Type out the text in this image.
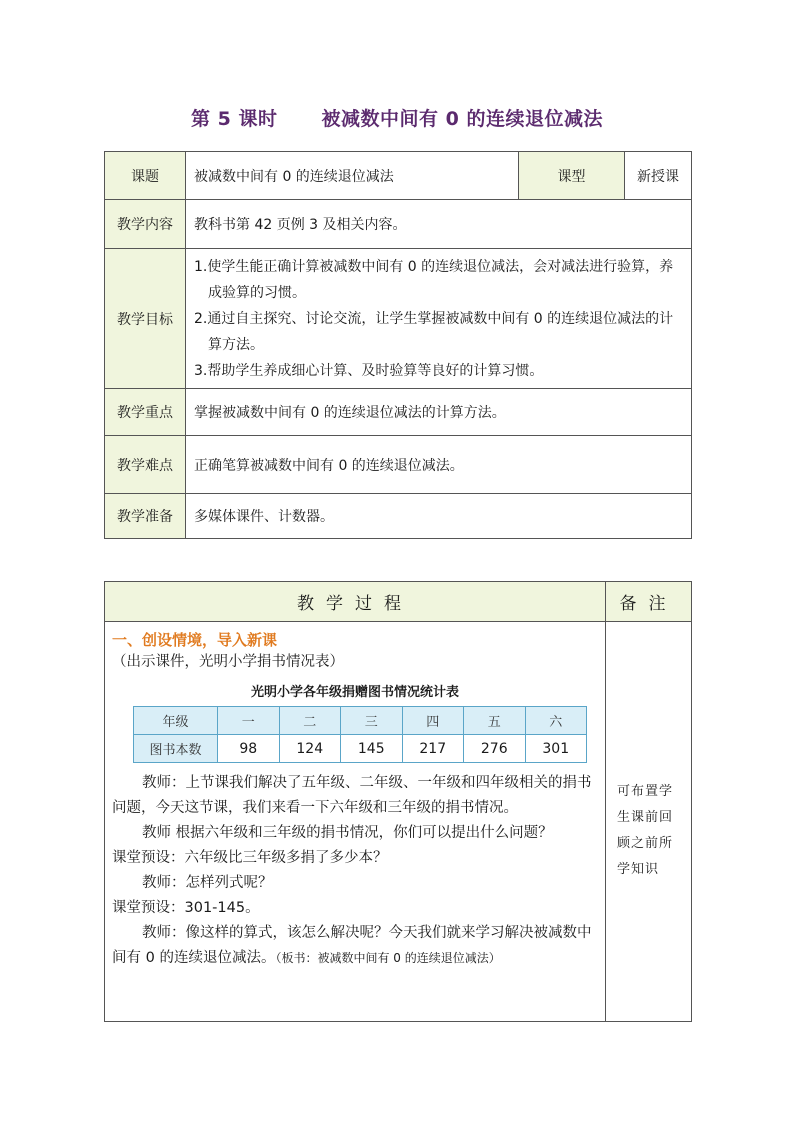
第 5 课时 被减数中间有 0 的连续退位减法
课题	被减数中间有 0 的连续退位减法	课型	新授课
教学内容	教科书第 42 页例 3 及相关内容。		
教学目标	1.使学生能正确计算被减数中间有 0 的连续退位减法，会对减法进行验算，养成验算的习惯。
2.通过自主探究、讨论交流，让学生掌握被减数中间有 0 的连续退位减法的计算方法。
3.帮助学生养成细心计算、及时验算等良好的计算习惯。		

教学重点	掌握被减数中间有 0 的连续退位减法的计算方法。		
教学难点	正确笔算被减数中间有 0 的连续退位减法。		
教学准备	多媒体课件、计数器。		
教学过程	备注

一、创设情境，导入新课
（出示课件，光明小学捐书情况表）
光明小学各年级捐赠图书情况统计表
年级	一	二	三	四	五	六
图书本数	98	124	145	217	276	301
教师：上节课我们解决了五年级、二年级、一年级和四年级相关的捐书问题，今天这节课，我们来看一下六年级和三年级的捐书情况。
教师 根据六年级和三年级的捐书情况，你们可以提出什么问题？
课堂预设：六年级比三年级多捐了多少本？
教师：怎样列式呢？
课堂预设：301-145。
教师：像这样的算式，该怎么解决呢？今天我们就来学习解决被减数中间有 0 的连续退位减法。（板书：被减数中间有 0 的连续退位减法）

可布置学生课前回顾之前所学知识
